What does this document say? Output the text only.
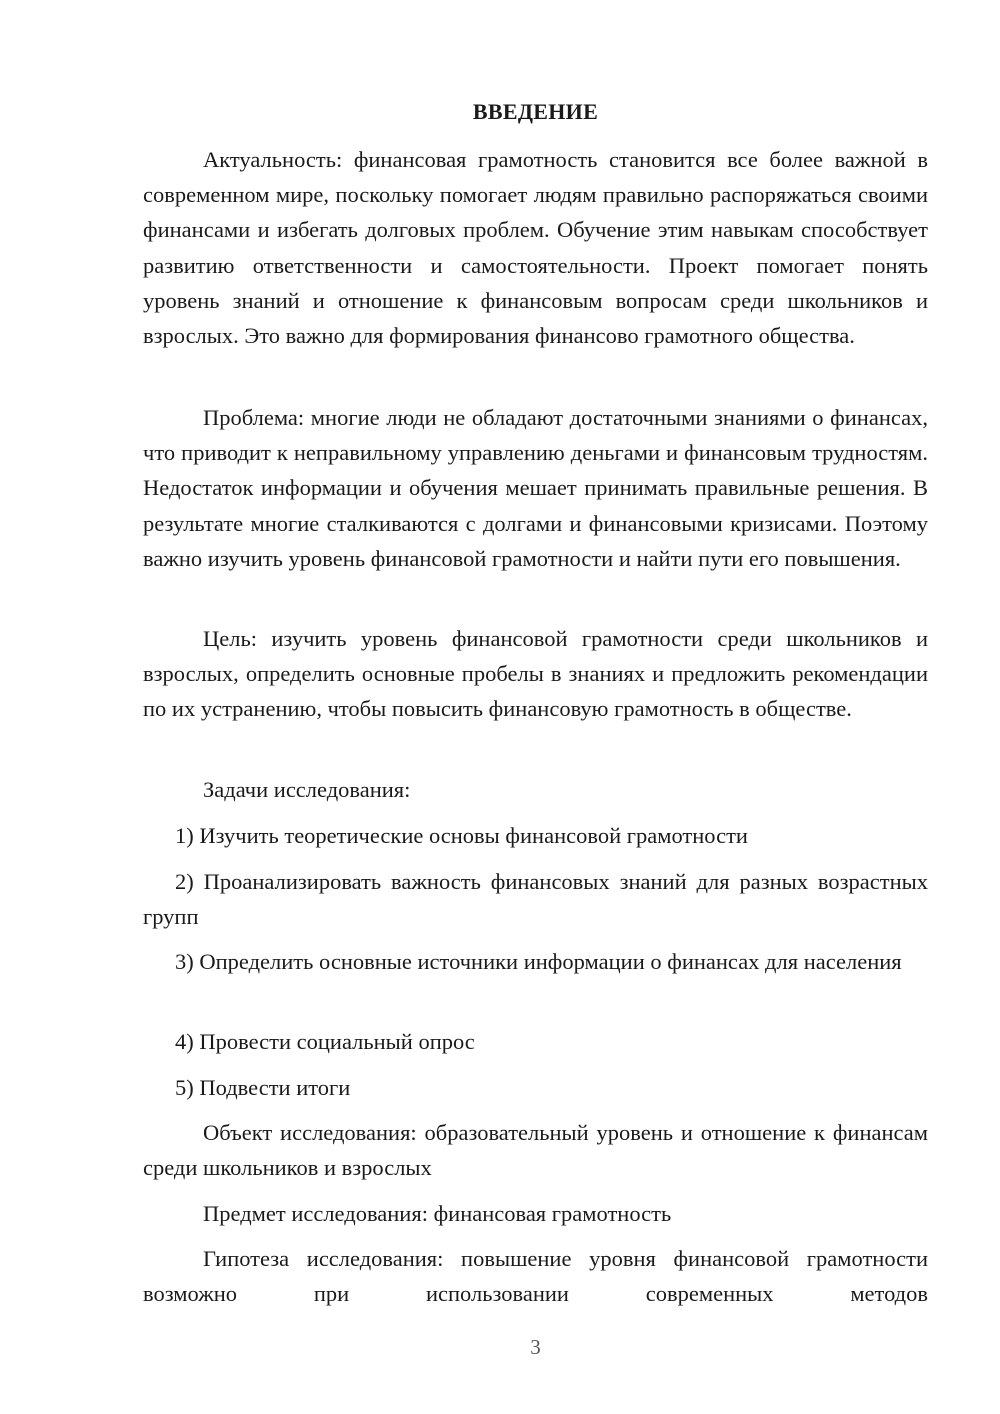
ВВЕДЕНИЕ

Актуальность: финансовая грамотность становится все более важной в современном мире, поскольку помогает людям правильно распоряжаться своими финансами и избегать долговых проблем. Обучение этим навыкам способствует развитию ответственности и самостоятельности. Проект помогает понять уровень знаний и отношение к финансовым вопросам среди школьников и взрослых. Это важно для формирования финансово грамотного общества.

Проблема: многие люди не обладают достаточными знаниями о финансах, что приводит к неправильному управлению деньгами и финансовым трудностям. Недостаток информации и обучения мешает принимать правильные решения. В результате многие сталкиваются с долгами и финансовыми кризисами. Поэтому важно изучить уровень финансовой грамотности и найти пути его повышения.

Цель: изучить уровень финансовой грамотности среди школьников и взрослых, определить основные пробелы в знаниях и предложить рекомендации по их устранению, чтобы повысить финансовую грамотность в обществе.

Задачи исследования:

1) Изучить теоретические основы финансовой грамотности

2) Проанализировать важность финансовых знаний для разных возрастных групп

3) Определить основные источники информации о финансах для населения

4) Провести социальный опрос

5) Подвести итоги

Объект исследования: образовательный уровень и отношение к финансам среди школьников и взрослых

Предмет исследования: финансовая грамотность

Гипотеза исследования: повышение уровня финансовой грамотности возможно при использовании современных методов

3
